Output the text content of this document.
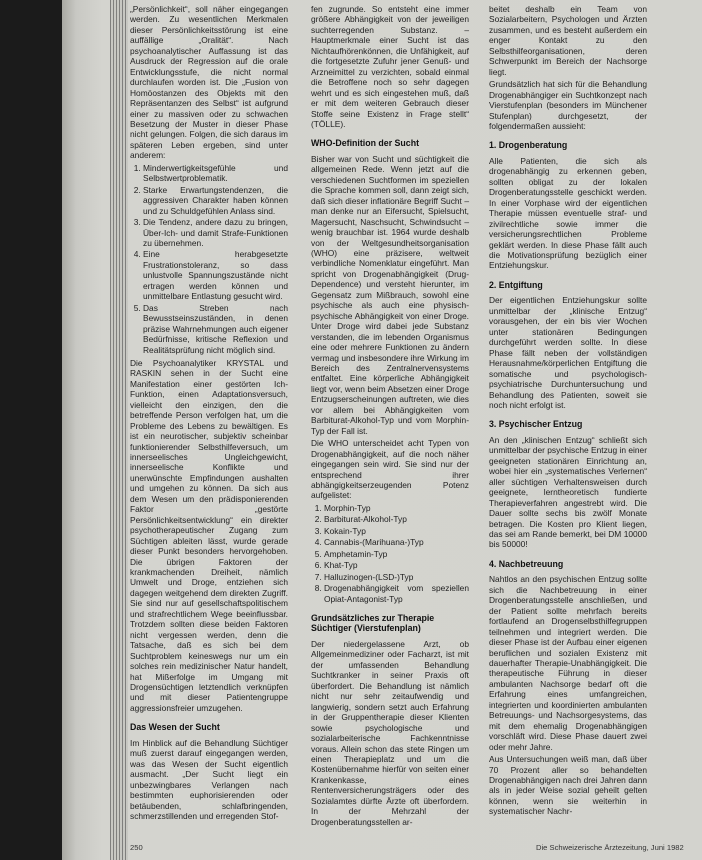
„Persönlichkeit“, soll näher eingegangen werden. Zu wesentlichen Merkmalen dieser Persönlichkeitsstörung ist eine auffällige „Oralität“. Nach psychoanalytischer Auffassung ist das Ausdruck der Regression auf die orale Entwicklungsstufe, die nicht normal durchlaufen worden ist. Die „Fusion von Homöostanzen des Objekts mit den Repräsentanzen des Selbst“ ist aufgrund einer zu massiven oder zu schwachen Besetzung der Muster in dieser Phase nicht gelungen. Folgen, die sich daraus im späteren Leben ergeben, sind unter anderem:

1. Minderwertigkeitsgefühle und Selbstwertproblematik.
2. Starke Erwartungstendenzen, die aggressiven Charakter haben können und zu Schuldgefühlen Anlass sind.
3. Die Tendenz, andere dazu zu bringen, Über-Ich- und damit Strafe-Funktionen zu übernehmen.
4. Eine herabgesetzte Frustrationstoleranz, so dass unlustvolle Spannungszustände nicht ertragen werden können und unmittelbare Entlastung gesucht wird.
5. Das Streben nach Bewusstseinszuständen, in denen präzise Wahrnehmungen auch eigener Bedürfnisse, kritische Reflexion und Realitätsprüfung nicht möglich sind.

Die Psychoanalytiker KRYSTAL und RASKIN sehen in der Sucht eine Manifestation einer gestörten Ich-Funktion, einen Adaptationsversuch, vielleicht den einzigen, den die betreffende Person verfolgen hat, um die Probleme des Lebens zu bewältigen. Es ist ein neurotischer, subjektiv scheinbar funktionierender Selbsthilfeversuch, um innerseelisches Ungleichgewicht, innerseelische Konflikte und unerwünschte Empfindungen aushalten und umgehen zu können. Da sich aus dem Wesen um den prädisponierenden Faktor „gestörte Persönlichkeitsentwicklung“ ein direkter psychotherapeutischer Zugang zum Süchtigen ableiten lässt, wurde gerade dieser Punkt besonders hervorgehoben. Die übrigen Faktoren der krankmachenden Dreiheit, nämlich Umwelt und Droge, entziehen sich dagegen weitgehend dem direkten Zugriff. Sie sind nur auf gesellschaftspolitischem und strafrechtlichem Wege beeinflussbar. Trotzdem sollten diese beiden Faktoren nicht vergessen werden, denn die Tatsache, daß es sich bei dem Suchtproblem keineswegs nur um ein solches rein medizinischer Natur handelt, hat Mißerfolge im Umgang mit Drogensüchtigen letztendlich verknüpfen und mit dieser Patientengruppe aggressionsfreier umzugehen.

Das Wesen der Sucht

Im Hinblick auf die Behandlung Süchtiger muß zuerst darauf eingegangen werden, was das Wesen der Sucht eigentlich ausmacht. „Der Sucht liegt ein unbezwingbares Verlangen nach bestimmten euphorisierenden oder betäubenden, schlafbringenden, schmerzstillenden und erregenden Stof-

fen zugrunde. So entsteht eine immer größere Abhängigkeit von der jeweiligen suchterregenden Substanz. – Hauptmerkmale einer Sucht ist das Nichtaufhörenkönnen, die Unfähigkeit, auf die fortgesetzte Zufuhr jener Genuß- und Arzneimittel zu verzichten, sobald einmal die Betroffene noch so sehr dagegen wehrt und es sich eingestehen muß, daß er mit dem weiteren Gebrauch dieser Stoffe seine Existenz in Frage stellt“ (TÖLLE).

WHO-Definition der Sucht

Bisher war von Sucht und süchtigkeit die allgemeinen Rede. Wenn jetzt auf die verschiedenen Suchtformen im speziellen die Sprache kommen soll, dann zeigt sich, daß sich dieser inflationäre Begriff Sucht – man denke nur an Eifersucht, Spielsucht, Magersucht, Naschsucht, Schwindsucht – wenig brauchbar ist. 1964 wurde deshalb von der Weltgesundheitsorganisation (WHO) eine präzisere, weltweit verbindliche Nomenklatur eingeführt. Man spricht von Drogenabhängigkeit (Drug-Dependence) und versteht hierunter, im Gegensatz zum Mißbrauch, sowohl eine psychische als auch eine physisch-psychische Abhängigkeit von einer Droge. Unter Droge wird dabei jede Substanz verstanden, die im lebenden Organismus eine oder mehrere Funktionen zu ändern vermag und insbesondere ihre Wirkung im Bereich des Zentralnervensystems entfaltet. Eine körperliche Abhängigkeit liegt vor, wenn beim Absetzen einer Droge Entzugserscheinungen auftreten, wie dies vor allem bei Abhängigkeiten vom Barbiturat-Alkohol-Typ und vom Morphin-Typ der Fall ist.

Die WHO unterscheidet acht Typen von Drogenabhängigkeit, auf die noch näher eingegangen sein wird. Sie sind nur der entsprechend ihrer abhängigkeitserzeugenden Potenz aufgelistet:

1. Morphin-Typ
2. Barbiturat-Alkohol-Typ
3. Kokain-Typ
4. Cannabis-(Marihuana-)Typ
5. Amphetamin-Typ
6. Khat-Typ
7. Halluzinogen-(LSD-)Typ
8. Drogenabhängigkeit vom speziellen Opiat-Antagonist-Typ
Grundsätzliches zur Therapie Süchtiger (Vierstufenplan)

Der niedergelassene Arzt, ob Allgemeinmediziner oder Facharzt, ist mit der umfassenden Behandlung Suchtkranker in seiner Praxis oft überfordert. Die Behandlung ist nämlich nicht nur sehr zeitaufwendig und langwierig, sondern setzt auch Erfahrung in der Gruppentherapie dieser Klienten sowie psychologische und sozialarbeiterische Fachkenntnisse voraus. Allein schon das stete Ringen um einen Therapieplatz und um die Kostenübernahme hierfür von seiten einer Krankenkasse, eines Rentenversicherungsträgers oder des Sozialamtes dürfte Ärzte oft überfordern. In der Mehrzahl der Drogenberatungsstellen ar-

beitet deshalb ein Team von Sozialarbeitern, Psychologen und Ärzten zusammen, und es besteht außerdem ein enger Kontakt zu den Selbsthilfeorganisationen, deren Schwerpunkt im Bereich der Nachsorge liegt.

Grundsätzlich hat sich für die Behandlung Drogenabhängiger ein Suchtkonzept nach Vierstufenplan (besonders im Münchener Stufenplan) durchgesetzt, der folgendermaßen aussieht:

1. Drogenberatung

Alle Patienten, die sich als drogenabhängig zu erkennen geben, sollten obligat zu der lokalen Drogenberatungsstelle geschickt werden. In einer Vorphase wird der eigentlichen Therapie müssen eventuelle straf- und zivilrechtliche sowie immer die versicherungsrechtlichen Probleme geklärt werden. In diese Phase fällt auch die Motivationsprüfung bezüglich einer Entziehungskur.

2. Entgiftung

Der eigentlichen Entziehungskur sollte unmittelbar der „klinische Entzug“ vorausgehen, der ein bis vier Wochen unter stationären Bedingungen durchgeführt werden sollte. In diese Phase fällt neben der vollständigen Herausnahme/körperlichen Entgiftung die somatische und psychologisch-psychiatrische Durchuntersuchung und Behandlung des Patienten, soweit sie noch nicht erfolgt ist.

3. Psychischer Entzug

An den „klinischen Entzug“ schließt sich unmittelbar der psychische Entzug in einer geeigneten stationären Einrichtung an, wobei hier ein „systematisches Verlernen“ aller süchtigen Verhaltensweisen durch geeignete, lerntheoretisch fundierte Therapieverfahren angestrebt wird. Die Dauer sollte sechs bis zwölf Monate betragen. Die Kosten pro Klient liegen, das sei am Rande bemerkt, bei DM 10000 bis 50000!

4. Nachbetreuung

Nahtlos an den psychischen Entzug sollte sich die Nachbetreuung in einer Drogenberatungsstelle anschließen, und der Patient sollte mehrfach bereits fortlaufend an Drogenselbsthilfegruppen teilnehmen und integriert werden. Die dieser Phase ist der Aufbau einer eigenen beruflichen und sozialen Existenz mit dauerhafter Therapie-Unabhängigkeit. Die therapeutische Führung in dieser ambulanten Nachsorge bedarf oft die Erfahrung eines umfangreichen, integrierten und koordinierten ambulanten Betreuungs- und Nachsorgesystems, das mit dem ehemalig Drogenabhängigen vorschläft wird. Diese Phase dauert zwei oder mehr Jahre.

Aus Untersuchungen weiß man, daß über 70 Prozent aller so behandelten Drogenabhängigen nach drei Jahren dann als in jeder Weise sozial geheilt gelten können, wenn sie weiterhin in systematischer Nachr-

250	Die Schweizerische Ärztezeitung, Juni 1982
